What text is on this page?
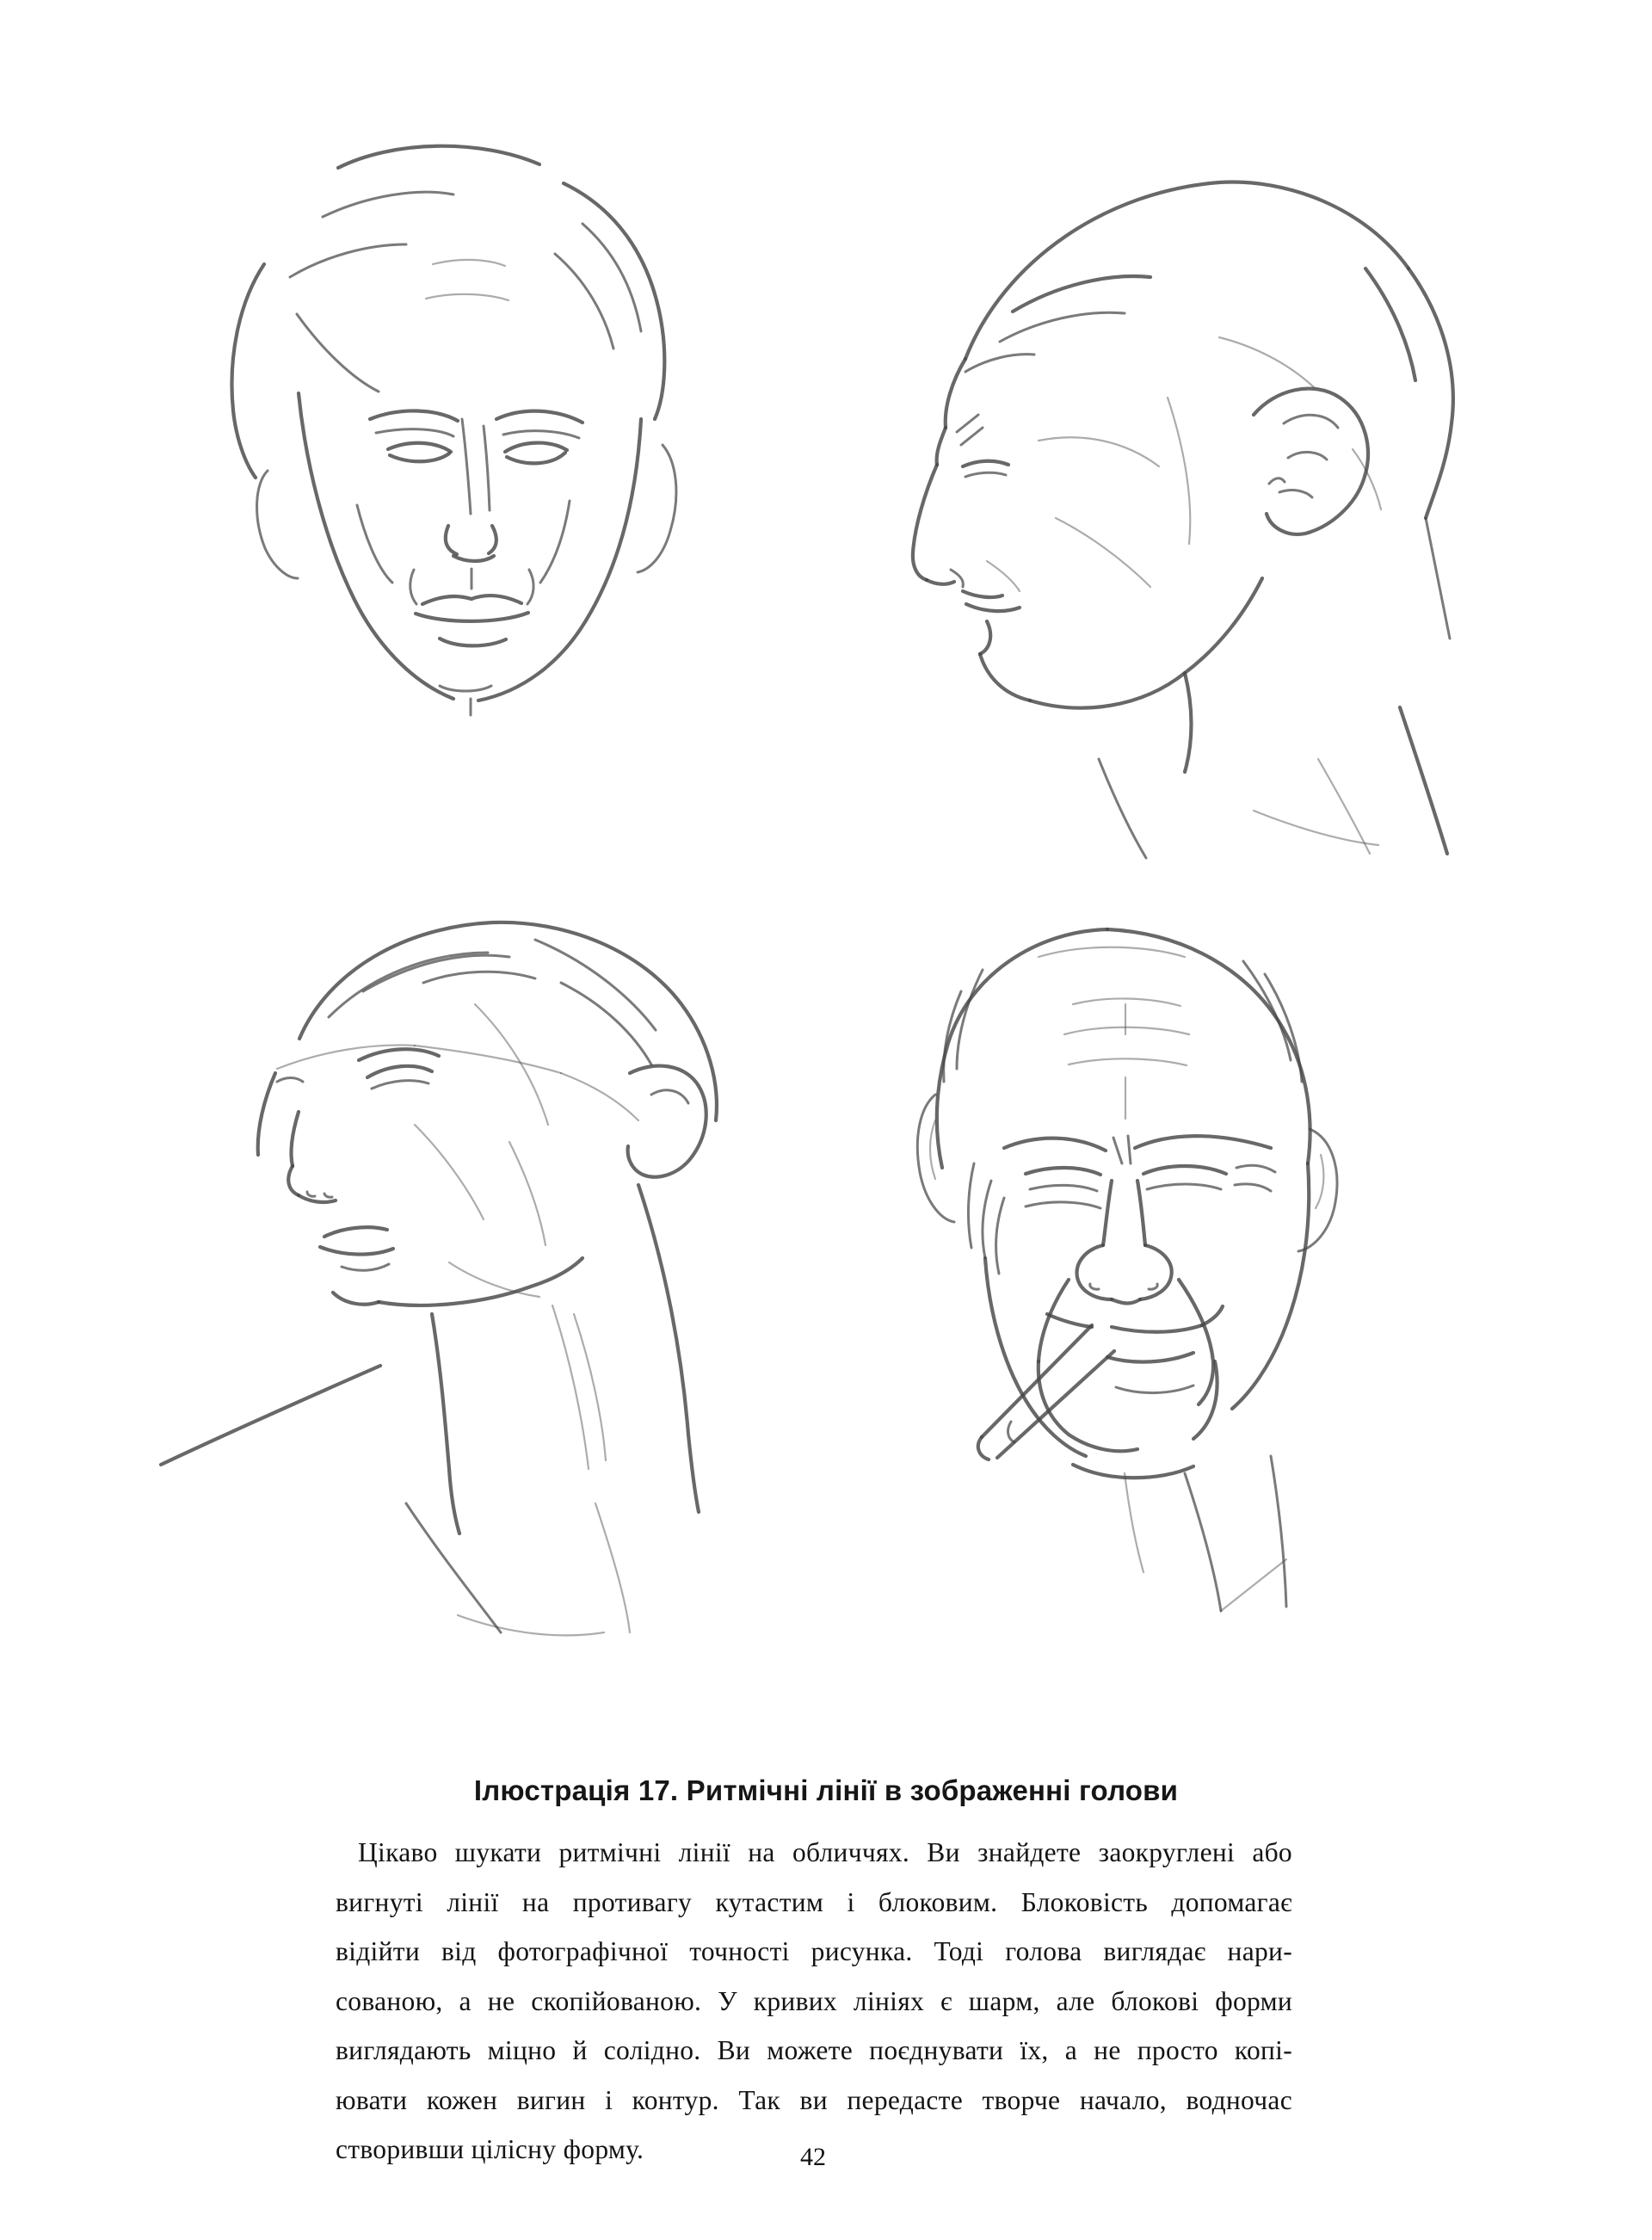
Ілюстрація 17. Ритмічні лінії в зображенні голови
Цікаво шукати ритмічні лінії на обличчях. Ви знайдете заокруглені або
вигнуті лінії на противагу кутастим і блоковим. Блоковість допомагає
відійти від фотографічної точності рисунка. Тоді голова виглядає нари-
сованою, а не скопійованою. У кривих лініях є шарм, але блокові форми
виглядають міцно й солідно. Ви можете поєднувати їх, а не просто копі-
ювати кожен вигин і контур. Так ви передасте творче начало, водночас
створивши цілісну форму.	42
